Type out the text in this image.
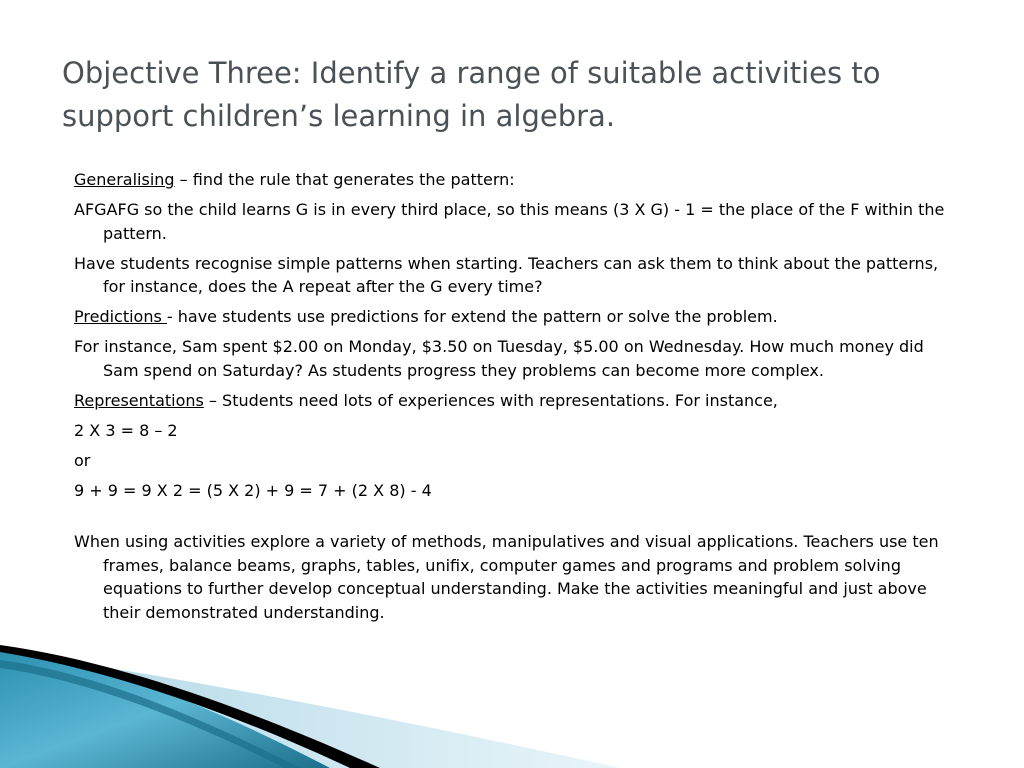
Objective Three: Identify a range of suitable activities to support children’s learning in algebra.

Generalising – find the rule that generates the pattern:

AFGAFG so the child learns G is in every third place, so this means (3 X G) - 1 = the place of the F within the pattern.

Have students recognise simple patterns when starting. Teachers can ask them to think about the patterns, for instance, does the A repeat after the G every time?

Predictions - have students use predictions for extend the pattern or solve the problem.

For instance, Sam spent $2.00 on Monday, $3.50 on Tuesday, $5.00 on Wednesday. How much money did Sam spend on Saturday? As students progress they problems can become more complex.

Representations – Students need lots of experiences with representations. For instance,

2 X 3 = 8 – 2

or

9 + 9 = 9 X 2 = (5 X 2) + 9 = 7 + (2 X 8) - 4

When using activities explore a variety of methods, manipulatives and visual applications. Teachers use ten frames, balance beams, graphs, tables, unifix, computer games and programs and problem solving equations to further develop conceptual understanding. Make the activities meaningful and just above their demonstrated understanding.
